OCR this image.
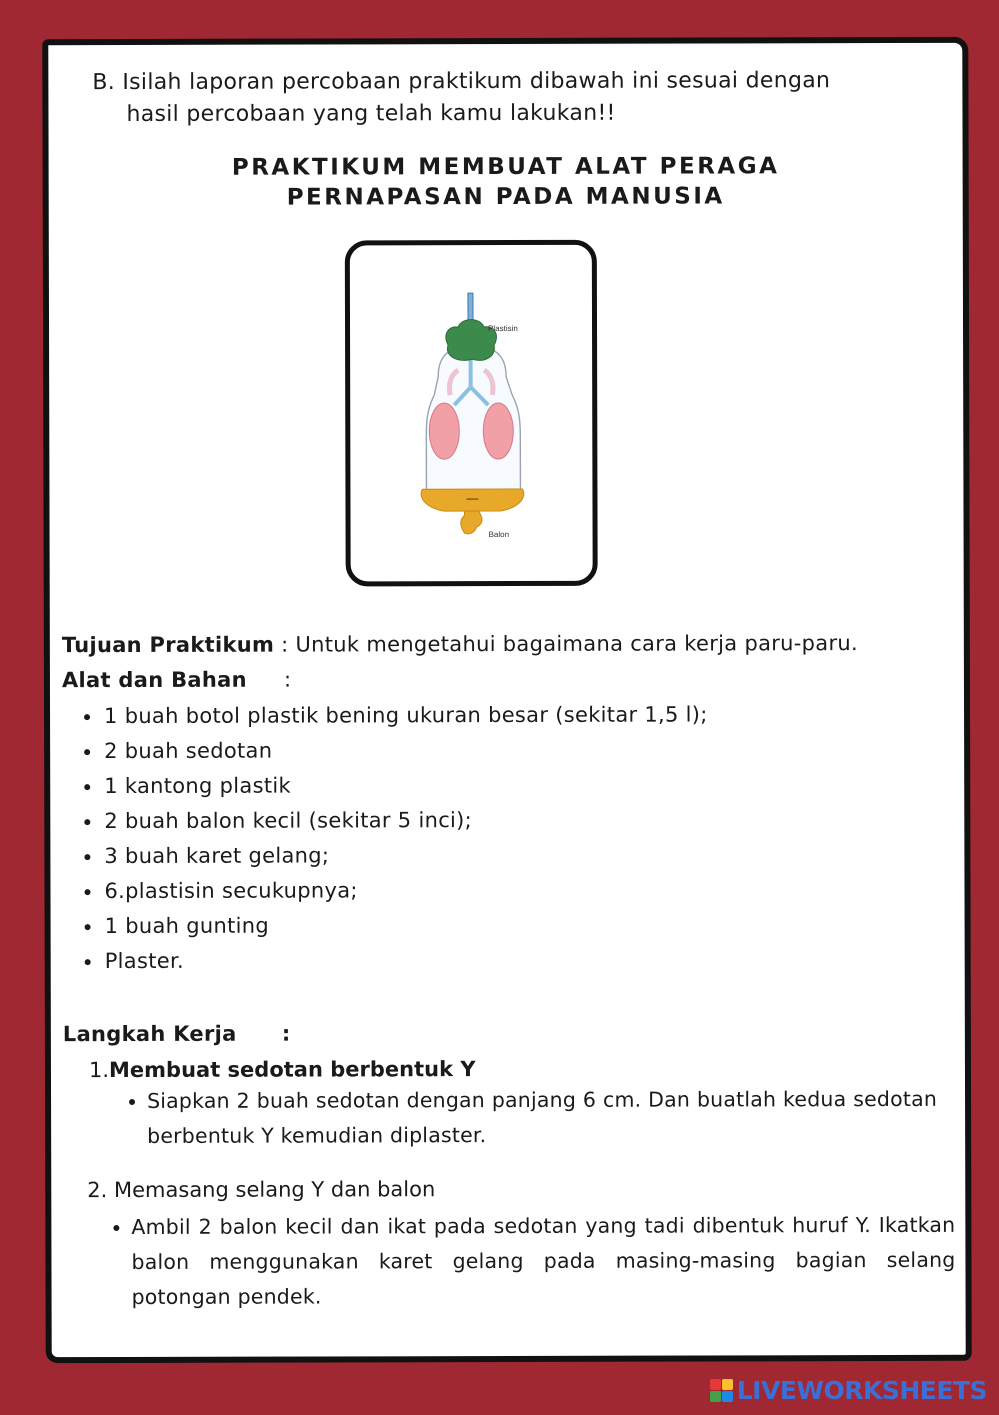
B. Isilah laporan percobaan praktikum dibawah ini sesuai dengan
hasil percobaan yang telah kamu lakukan!!
PRAKTIKUM MEMBUAT ALAT PERAGA
PERNAPASAN PADA MANUSIA
Plastisin
Balon
Tujuan Praktikum : Untuk mengetahui bagaimana cara kerja paru-paru.
Alat dan Bahan :
1 buah botol plastik bening ukuran besar (sekitar 1,5 l);
2 buah sedotan
1 kantong plastik
2 buah balon kecil (sekitar 5 inci);
3 buah karet gelang;
6.plastisin secukupnya;
1 buah gunting
Plaster.
Langkah Kerja :
1.Membuat sedotan berbentuk Y
Siapkan 2 buah sedotan dengan panjang 6 cm. Dan buatlah kedua sedotan berbentuk Y kemudian diplaster.
2. Memasang selang Y dan balon
Ambil 2 balon kecil dan ikat pada sedotan yang tadi dibentuk huruf Y. Ikatkan balon menggunakan karet gelang pada masing-masing bagian selang potongan pendek.
LIVEWORKSHEETS
